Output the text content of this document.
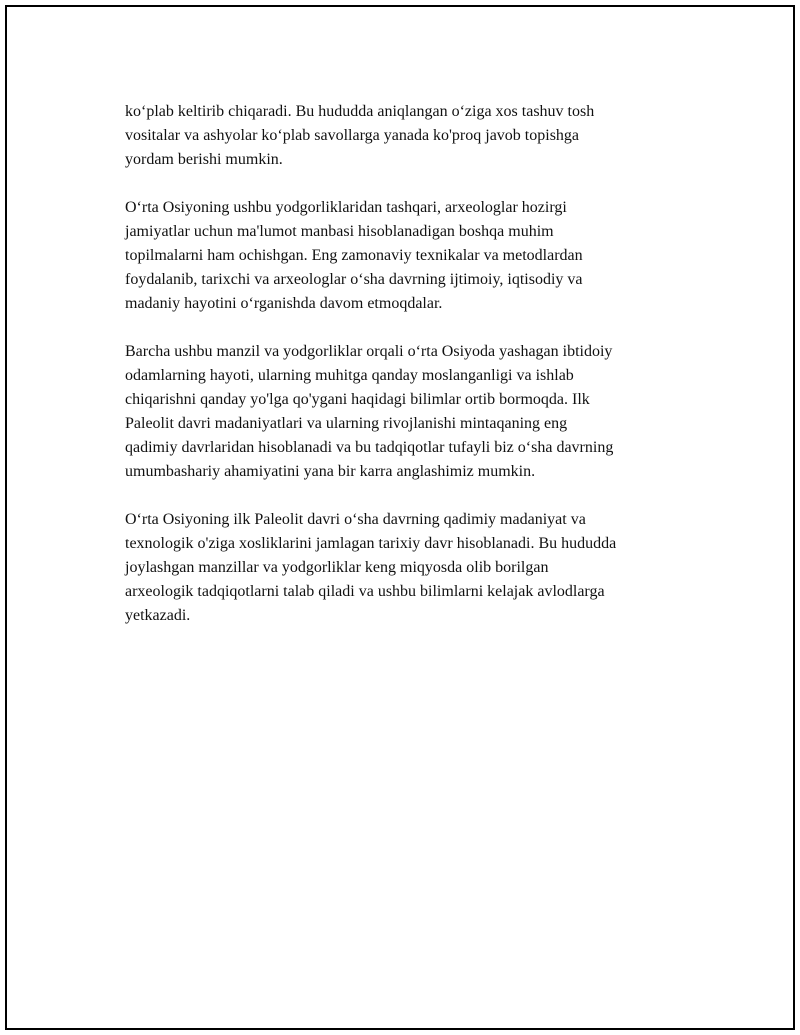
ko‘plab keltirib chiqaradi. Bu hududda aniqlangan o‘ziga xos tashuv tosh
vositalar va ashyolar ko‘plab savollarga yanada ko'proq javob topishga
yordam berishi mumkin.

O‘rta Osiyoning ushbu yodgorliklaridan tashqari, arxeologlar hozirgi
jamiyatlar uchun ma'lumot manbasi hisoblanadigan boshqa muhim
topilmalarni ham ochishgan. Eng zamonaviy texnikalar va metodlardan
foydalanib, tarixchi va arxeologlar o‘sha davrning ijtimoiy, iqtisodiy va
madaniy hayotini o‘rganishda davom etmoqdalar.

Barcha ushbu manzil va yodgorliklar orqali o‘rta Osiyoda yashagan ibtidoiy
odamlarning hayoti, ularning muhitga qanday moslanganligi va ishlab
chiqarishni qanday yo'lga qo'ygani haqidagi bilimlar ortib bormoqda. Ilk
Paleolit davri madaniyatlari va ularning rivojlanishi mintaqaning eng
qadimiy davrlaridan hisoblanadi va bu tadqiqotlar tufayli biz o‘sha davrning
umumbashariy ahamiyatini yana bir karra anglashimiz mumkin.

O‘rta Osiyoning ilk Paleolit davri o‘sha davrning qadimiy madaniyat va
texnologik o'ziga xosliklarini jamlagan tarixiy davr hisoblanadi. Bu hududda
joylashgan manzillar va yodgorliklar keng miqyosda olib borilgan
arxeologik tadqiqotlarni talab qiladi va ushbu bilimlarni kelajak avlodlarga
yetkazadi.
